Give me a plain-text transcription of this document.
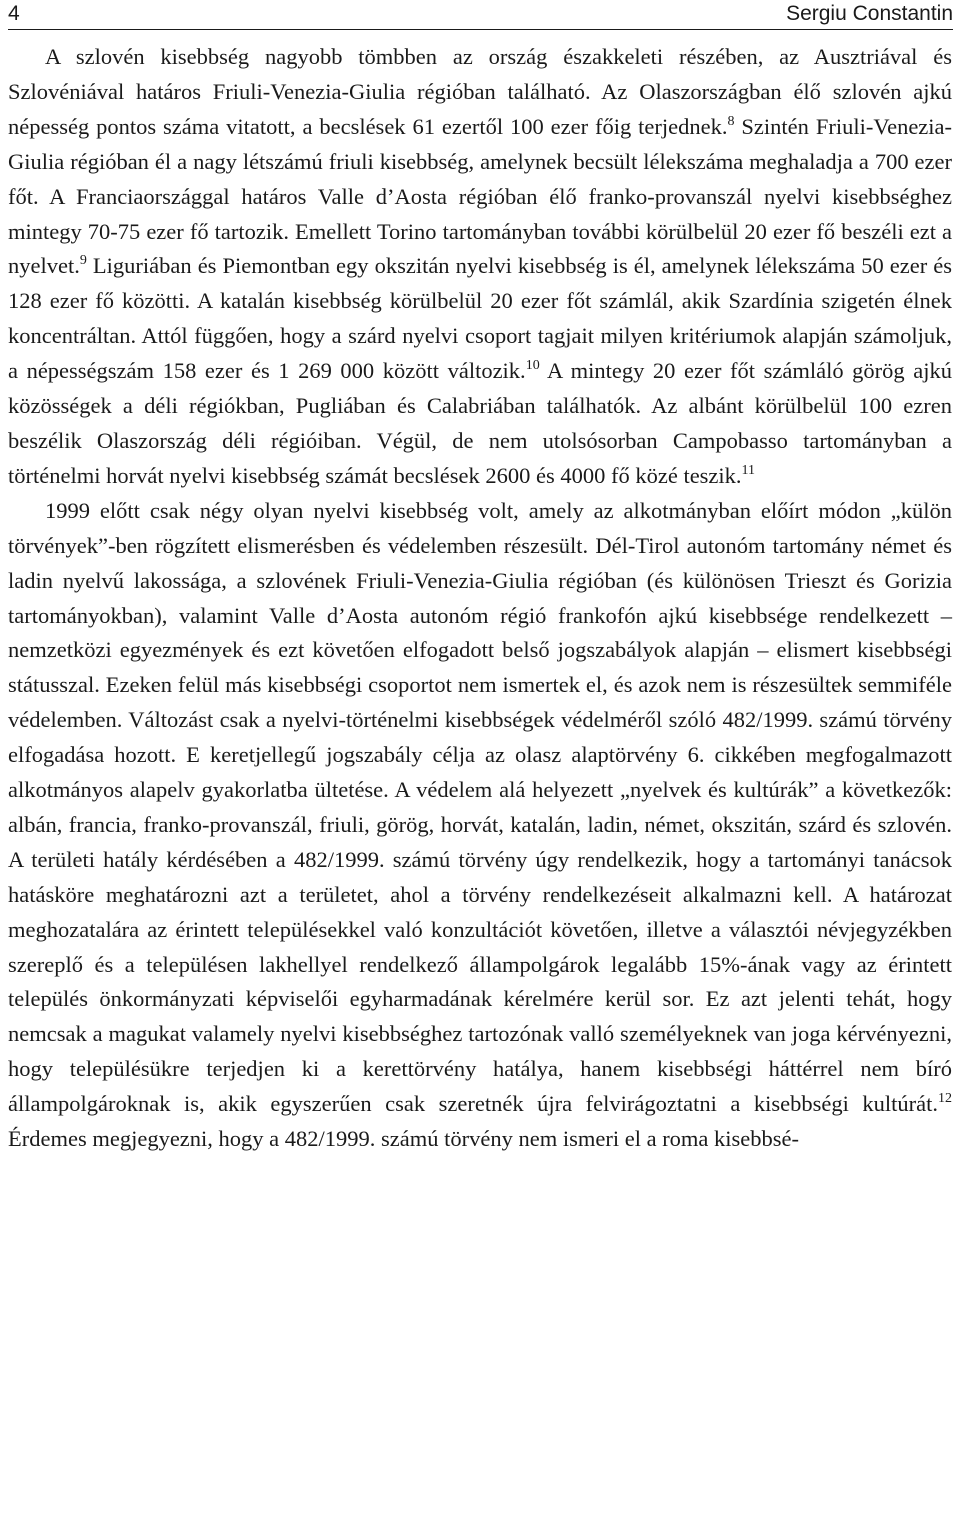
4	Sergiu Constantin

A szlovén kisebbség nagyobb tömbben az ország északkeleti részében, az Ausztriával és Szlovéniával határos Friuli-Venezia-Giulia régióban található. Az Olaszországban élő szlovén ajkú népesség pontos száma vitatott, a becslések 61 ezertől 100 ezer főig terjednek.$^8$ Szintén Friuli-Venezia-Giulia régióban él a nagy létszámú friuli kisebbség, amelynek becsült lélekszáma meghaladja a 700 ezer főt. A Franciaországgal határos Valle d’Aosta régióban élő franko-provanszál nyelvi kisebbséghez mintegy 70-75 ezer fő tartozik. Emellett Torino tartományban további körülbelül 20 ezer fő beszéli ezt a nyelvet.$^9$ Liguriában és Piemontban egy okszitán nyelvi kisebbség is él, amelynek lélekszáma 50 ezer és 128 ezer fő közötti. A katalán kisebbség körülbelül 20 ezer főt számlál, akik Szardínia szigetén élnek koncentráltan. Attól függően, hogy a szárd nyelvi csoport tagjait milyen kritériumok alapján számoljuk, a népességszám 158 ezer és 1 269 000 között változik.$^{10}$ A mintegy 20 ezer főt számláló görög ajkú közösségek a déli régiókban, Pugliában és Calabriában találhatók. Az albánt körülbelül 100 ezren beszélik Olaszország déli régióiban. Végül, de nem utolsósorban Campobasso tartományban a történelmi horvát nyelvi kisebbség számát becslések 2600 és 4000 fő közé teszik.$^{11}$

1999 előtt csak négy olyan nyelvi kisebbség volt, amely az alkotmányban előírt módon „külön törvények”-ben rögzített elismerésben és védelemben részesült. Dél-Tirol autonóm tartomány német és ladin nyelvű lakossága, a szlovének Friuli-Venezia-Giulia régióban (és különösen Trieszt és Gorizia tartományokban), valamint Valle d’Aosta autonóm régió frankofón ajkú kisebbsége rendelkezett – nemzetközi egyezmények és ezt követően elfogadott belső jogszabályok alapján – elismert kisebbségi státusszal. Ezeken felül más kisebbségi csoportot nem ismertek el, és azok nem is részesültek semmiféle védelemben. Változást csak a nyelvi-történelmi kisebbségek védelméről szóló 482/1999. számú törvény elfogadása hozott. E keretjellegű jogszabály célja az olasz alaptörvény 6. cikkében megfogalmazott alkotmányos alapelv gyakorlatba ültetése. A védelem alá helyezett „nyelvek és kultúrák” a következők: albán, francia, franko-provanszál, friuli, görög, horvát, katalán, ladin, német, okszitán, szárd és szlovén. A területi hatály kérdésében a 482/1999. számú törvény úgy rendelkezik, hogy a tartományi tanácsok hatásköre meghatározni azt a területet, ahol a törvény rendelkezéseit alkalmazni kell. A határozat meghozatalára az érintett településekkel való konzultációt követően, illetve a választói névjegyzékben szereplő és a településen lakhellyel rendelkező állampolgárok legalább 15%-ának vagy az érintett település önkormányzati képviselői egyharmadának kérelmére kerül sor. Ez azt jelenti tehát, hogy nemcsak a magukat valamely nyelvi kisebbséghez tartozónak valló személyeknek van joga kérvényezni, hogy településükre terjedjen ki a kerettörvény hatálya, hanem kisebbségi háttérrel nem bíró állampolgároknak is, akik egyszerűen csak szeretnék újra felvirágoztatni a kisebbségi kultúrát.$^{12}$ Érdemes megjegyezni, hogy a 482/1999. számú törvény nem ismeri el a roma kisebbsé-
